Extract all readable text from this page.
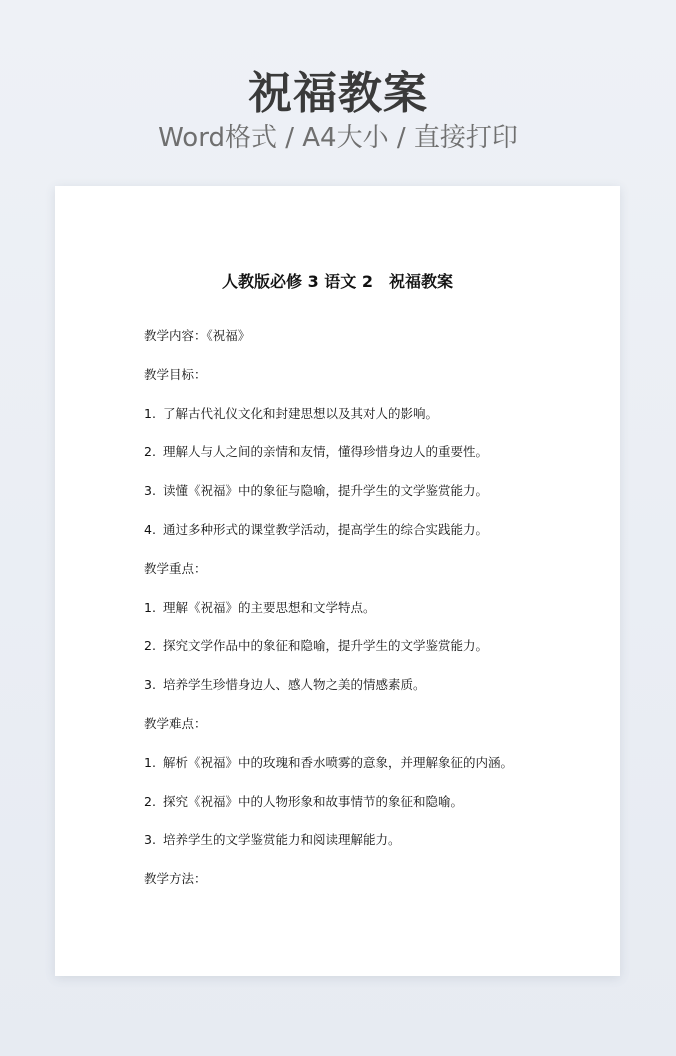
祝福教案
Word格式 / A4大小 / 直接打印
人教版必修 3 语文 2　祝福教案
教学内容：《祝福》
教学目标：
1. 了解古代礼仪文化和封建思想以及其对人的影响。
2. 理解人与人之间的亲情和友情，懂得珍惜身边人的重要性。
3. 读懂《祝福》中的象征与隐喻，提升学生的文学鉴赏能力。
4. 通过多种形式的课堂教学活动，提高学生的综合实践能力。
教学重点：
1. 理解《祝福》的主要思想和文学特点。
2. 探究文学作品中的象征和隐喻，提升学生的文学鉴赏能力。
3. 培养学生珍惜身边人、感人物之美的情感素质。
教学难点：
1. 解析《祝福》中的玫瑰和香水喷雾的意象，并理解象征的内涵。
2. 探究《祝福》中的人物形象和故事情节的象征和隐喻。
3. 培养学生的文学鉴赏能力和阅读理解能力。
教学方法：
